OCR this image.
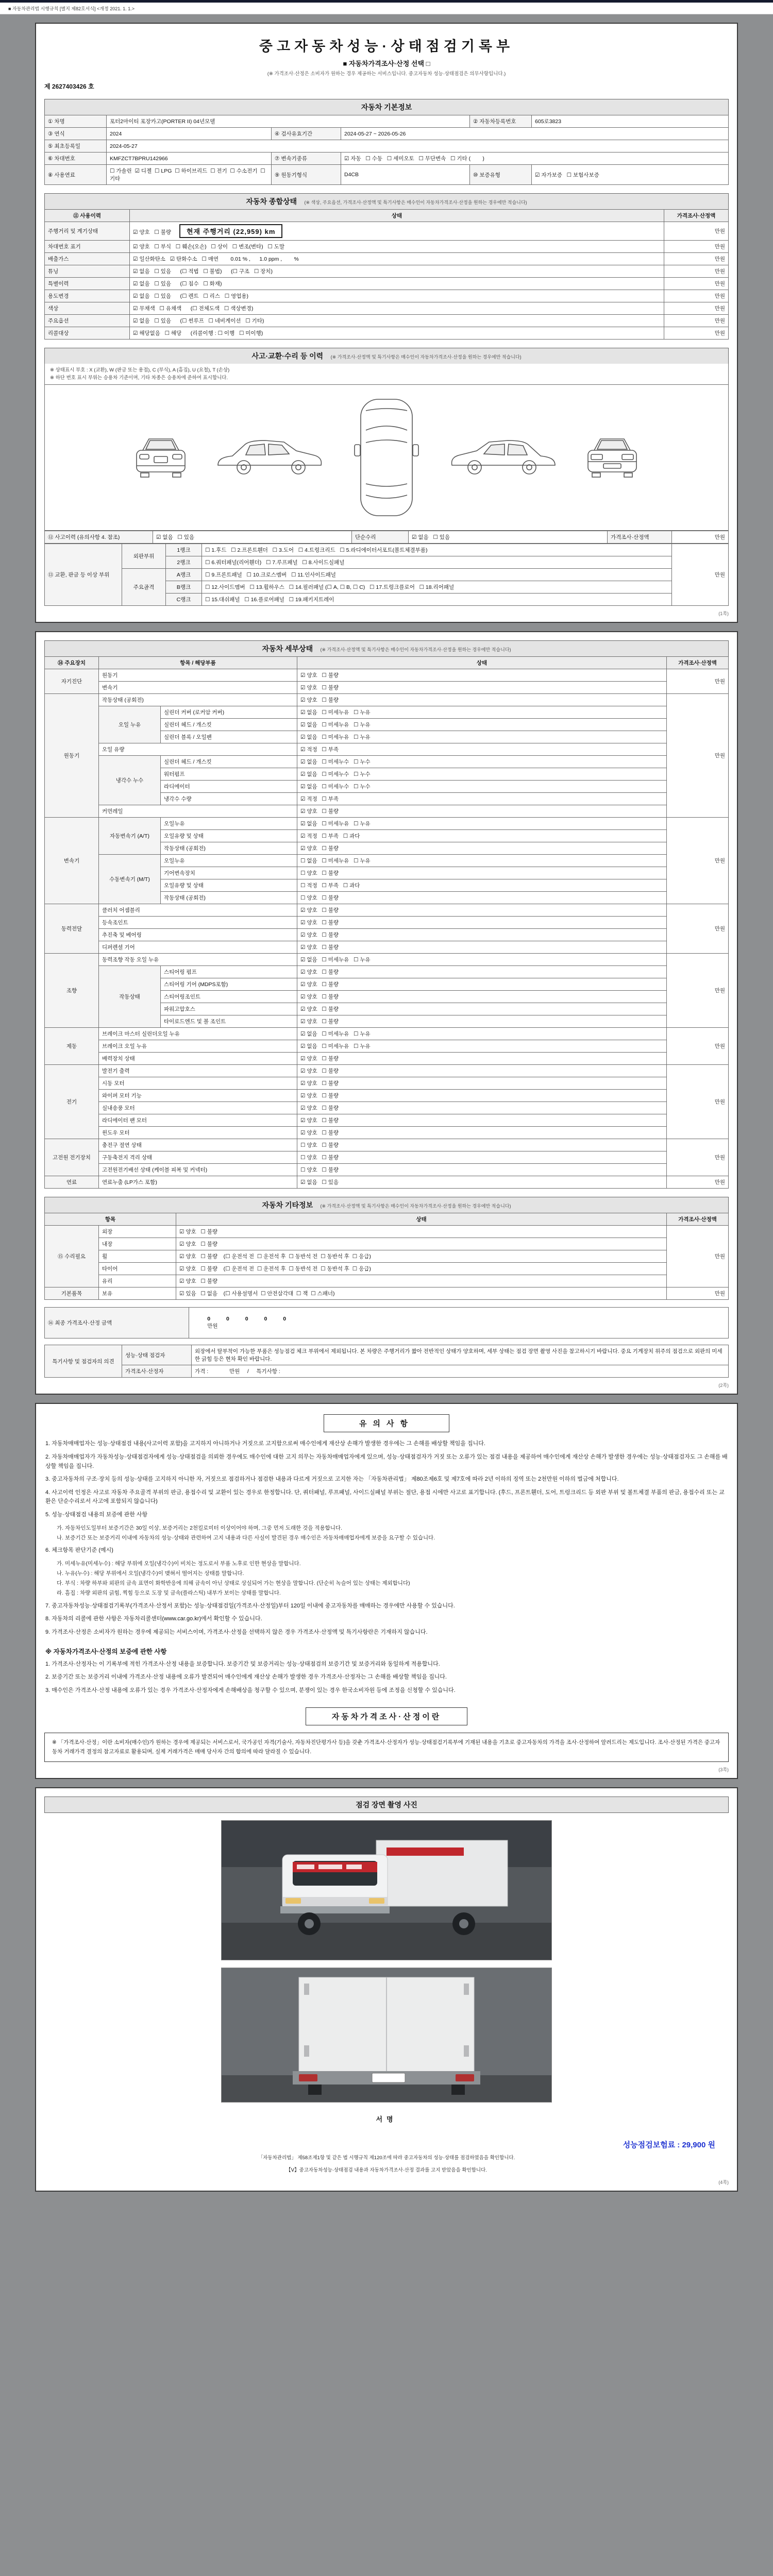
■ 자동차관리법 시행규칙 [별지 제82호서식] <개정 2021. 1. 1.>
중고자동차성능·상태점검기록부
■ 자동차가격조사·산정 선택 □
(※ 가격조사·산정은 소비자가 원하는 경우 제공하는 서비스입니다. 중고자동차 성능·상태점검은 의무사항입니다.)
제 2627403426 호
자동차 기본정보
① 차명	포터2마이티 포장카고(PORTER II) 04년모델			② 자동차등록번호	605로3823
③ 연식	2024	④ 검사유효기간	2024-05-27 ~ 2026-05-26		
⑤ 최초등록일	2024-05-27				
⑥ 차대번호	KMFZCT7BPRU142966	⑦ 변속기종류	☑ 자동   ☐ 수동   ☐ 세미오토   ☐ 무단변속   ☐ 기타 (        )		
⑧ 사용연료	☐ 가솔린  ☑ 디젤  ☐ LPG  ☐ 하이브리드  ☐ 전기  ☐ 수소전기  ☐ 기타	⑨ 원동기형식	D4CB	⑩ 보증유형	☑ 자가보증   ☐ 보험사보증
자동차 종합상태 (※ 색상, 주요옵션, 가격조사·산정액 및 특기사항은 매수인이 자동차가격조사·산정을 원하는 경우에만 적습니다)
⑪ 사용이력	상태	가격조사·산정액
주행거리 및 계기상태	☑ 양호   ☐ 불량 현재 주행거리 (22,959) km	만원
차대번호 표기	☑ 양호   ☐ 부식   ☐ 훼손(오손)   ☐ 상이   ☐ 변조(변타)   ☐ 도말	만원
배출가스	☑ 일산화탄소   ☑ 탄화수소   ☐ 매연        0.01 % ,      1.0 ppm ,        %	만원
튜닝	☑ 없음   ☐ 있음      (☐ 적법   ☐ 불법)      (☐ 구조   ☐ 장치)	만원
특별이력	☑ 없음   ☐ 있음      (☐ 침수   ☐ 화재)	만원
용도변경	☑ 없음   ☐ 있음      (☐ 렌트   ☐ 리스   ☐ 영업용)	만원
색상	☑ 무채색   ☐ 유채색      (☐ 전체도색   ☐ 색상변경)	만원
주요옵션	☑ 없음   ☐ 있음      (☐ 썬루프   ☐ 네비게이션   ☐ 기타)	만원
리콜대상	☑ 해당없음   ☐ 해당      (리콜이행 : ☐ 이행   ☐ 미이행)	만원
사고·교환·수리 등 이력 (※ 가격조사·산정액 및 특기사항은 매수인이 자동차가격조사·산정을 원하는 경우에만 적습니다)
※ 상태표시 부호 : X (교환), W (판금 또는 용접), C (부식), A (흠집), U (요철), T (손상)
※ 하단 번호 표시 부위는 승용차 기준이며, 기타 차종은 승용차에 준하여 표시합니다.
⑫ 사고이력 (유의사항 4. 참조)	☑ 없음   ☐ 있음	단순수리	☑ 없음   ☐ 있음	가격조사·산정액	만원
⑬ 교환, 판금 등 이상 부위	외판부위	1랭크	☐ 1.후드   ☐ 2.프론트휀더   ☐ 3.도어   ☐ 4.트렁크리드   ☐ 5.라디에이터서포트(볼트체결부품)	만원
		2랭크	☐ 6.쿼터패널(리어휀더)   ☐ 7.루프패널   ☐ 8.사이드실패널	
	주요골격	A랭크	☐ 9.프론트패널   ☐ 10.크로스멤버   ☐ 11.인사이드패널	
		B랭크	☐ 12.사이드멤버   ☐ 13.휠하우스   ☐ 14.필러패널 (☐ A, ☐ B, ☐ C)   ☐ 17.트렁크플로어   ☐ 18.리어패널	
		C랭크	☐ 15.대쉬패널   ☐ 16.플로어패널   ☐ 19.패키지트레이	
(1쪽)
자동차 세부상태 (※ 가격조사·산정액 및 특기사항은 매수인이 자동차가격조사·산정을 원하는 경우에만 적습니다)
⑭ 주요장치	항목 / 해당부품		상태	가격조사·산정액
자기진단	원동기		☑ 양호   ☐ 불량	만원
	변속기		☑ 양호   ☐ 불량	
원동기	작동상태 (공회전)		☑ 양호   ☐ 불량	만원
	오일 누유	실린더 커버 (로커암 커버)	☑ 없음   ☐ 미세누유   ☐ 누유	
		실린더 헤드 / 개스킷	☑ 없음   ☐ 미세누유   ☐ 누유	
		실린더 블록 / 오일팬	☑ 없음   ☐ 미세누유   ☐ 누유	
	오일 유량		☑ 적정   ☐ 부족	
	냉각수 누수	실린더 헤드 / 개스킷	☑ 없음   ☐ 미세누수   ☐ 누수	
		워터펌프	☑ 없음   ☐ 미세누수   ☐ 누수	
		라디에이터	☑ 없음   ☐ 미세누수   ☐ 누수	
		냉각수 수량	☑ 적정   ☐ 부족	
	커먼레일		☑ 양호   ☐ 불량	
변속기	자동변속기 (A/T)	오일누유	☑ 없음   ☐ 미세누유   ☐ 누유	만원
		오일유량 및 상태	☑ 적정   ☐ 부족   ☐ 과다	
		작동상태 (공회전)	☑ 양호   ☐ 불량	
	수동변속기 (M/T)	오일누유	☐ 없음   ☐ 미세누유   ☐ 누유	
		기어변속장치	☐ 양호   ☐ 불량	
		오일유량 및 상태	☐ 적정   ☐ 부족   ☐ 과다	
		작동상태 (공회전)	☐ 양호   ☐ 불량	
동력전달	클러치 어셈블리		☑ 양호   ☐ 불량	만원
	등속조인트		☑ 양호   ☐ 불량	
	추진축 및 베어링		☑ 양호   ☐ 불량	
	디퍼렌셜 기어		☑ 양호   ☐ 불량	
조향	동력조향 작동 오일 누유		☑ 없음   ☐ 미세누유   ☐ 누유	만원
	작동상태	스티어링 펌프	☑ 양호   ☐ 불량	
		스티어링 기어 (MDPS포함)	☑ 양호   ☐ 불량	
		스티어링조인트	☑ 양호   ☐ 불량	
		파워고압호스	☑ 양호   ☐ 불량	
		타이로드엔드 및 볼 조인트	☑ 양호   ☐ 불량	
제동	브레이크 마스터 실린더오일 누유		☑ 없음   ☐ 미세누유   ☐ 누유	만원
	브레이크 오일 누유		☑ 없음   ☐ 미세누유   ☐ 누유	
	배력장치 상태		☑ 양호   ☐ 불량	
전기	발전기 출력		☑ 양호   ☐ 불량	만원
	시동 모터		☑ 양호   ☐ 불량	
	와이퍼 모터 기능		☑ 양호   ☐ 불량	
	실내송풍 모터		☑ 양호   ☐ 불량	
	라디에이터 팬 모터		☑ 양호   ☐ 불량	
	윈도우 모터		☑ 양호   ☐ 불량	
고전원 전기장치	충전구 절연 상태		☐ 양호   ☐ 불량	만원
	구동축전지 격리 상태		☐ 양호   ☐ 불량	
	고전원전기배선 상태 (케이블 피복 및 커넥터)		☐ 양호   ☐ 불량	
연료	연료누출 (LP가스 포함)		☑ 없음   ☐ 있음	만원
자동차 기타정보 (※ 가격조사·산정액 및 특기사항은 매수인이 자동차가격조사·산정을 원하는 경우에만 적습니다)
항목		상태	가격조사·산정액
⑮ 수리필요	외장	☑ 양호   ☐ 불량	만원
	내장	☑ 양호   ☐ 불량	
	휠	☑ 양호   ☐ 불량    (☐ 운전석 전  ☐ 운전석 후  ☐ 동반석 전  ☐ 동반석 후  ☐ 응급)	
	타이어	☑ 양호   ☐ 불량    (☐ 운전석 전  ☐ 운전석 후  ☐ 동반석 전  ☐ 동반석 후  ☐ 응급)	
	유리	☑ 양호   ☐ 불량	
기본품목	보유	☑ 있음   ☐ 없음    (☐ 사용설명서  ☐ 안전삼각대  ☐ 잭  ☐ 스패너)	만원
⑯ 최종 가격조사·산정 금액	
0 0 0 0 0
만원

특기사항 및 점검자의 의견	성능·상태 점검자	외장에서 탈부착이 가능한 부품은 성능점검 체크 부위에서 제외됩니다. 본 차량은 주행거리가 짧아 전반적인 상태가 양호하며, 세부 상태는 점검 장면 촬영 사진을 참고하시기 바랍니다. 중요 기계장치 위주의 점검으로 외판의 미세한 긁힘 등은 현차 확인 바랍니다.
	가격조사·산정자	가격 :              만원     /     특기사항 :
(2쪽)
유의사항
1. 자동차매매업자는 성능·상태점검 내용(사고이력 포함)을 고지하지 아니하거나 거짓으로 고지함으로써 매수인에게 재산상 손해가 발생한 경우에는 그 손해를 배상할 책임을 집니다.
2. 자동차매매업자가 자동차성능·상태점검자에게 성능·상태점검을 의뢰한 경우에도 매수인에 대한 고지 의무는 자동차매매업자에게 있으며, 성능·상태점검자가 거짓 또는 오류가 있는 점검 내용을 제공하여 매수인에게 재산상 손해가 발생한 경우에는 성능·상태점검자도 그 손해를 배상할 책임을 집니다.
3. 중고자동차의 구조·장치 등의 성능·상태를 고지하지 아니한 자, 거짓으로 점검하거나 점검한 내용과 다르게 거짓으로 고지한 자는 「자동차관리법」 제80조제6호 및 제7호에 따라 2년 이하의 징역 또는 2천만원 이하의 벌금에 처합니다.
4. 사고이력 인정은 사고로 자동차 주요골격 부위의 판금, 용접수리 및 교환이 있는 경우로 한정합니다. 단, 쿼터패널, 루프패널, 사이드실패널 부위는 절단, 용접 시에만 사고로 표기합니다. (후드, 프론트휀더, 도어, 트렁크리드 등 외판 부위 및 볼트체결 부품의 판금, 용접수리 또는 교환은 단순수리로서 사고에 포함되지 않습니다)
5. 성능·상태점검 내용의 보증에 관한 사항
가. 자동차인도일부터 보증기간은 30일 이상, 보증거리는 2천킬로미터 이상이어야 하며, 그중 먼저 도래한 것을 적용합니다.
나. 보증기간 또는 보증거리 이내에 자동차의 성능·상태와 관련하여 고지 내용과 다른 사실이 발견된 경우 매수인은 자동차매매업자에게 보증을 요구할 수 있습니다.
6. 체크항목 판단기준 (예시)
가. 미세누유(미세누수) : 해당 부위에 오일(냉각수)이 비치는 정도로서 부품 노후로 인한 현상을 말합니다.
나. 누유(누수) : 해당 부위에서 오일(냉각수)이 맺혀서 떨어지는 상태를 말합니다.
다. 부식 : 차량 하부와 외판의 금속 표면이 화학반응에 의해 금속이 아닌 상태로 상실되어 가는 현상을 말합니다. (단순히 녹슬어 있는 상태는 제외합니다)
라. 흠집 : 차량 외판의 긁힘, 찍힘 등으로 도장 및 금속(플라스틱) 내부가 보이는 상태를 말합니다.
7. 중고자동차성능·상태점검기록부(가격조사·산정서 포함)는 성능·상태점검일(가격조사·산정일)부터 120일 이내에 중고자동차를 매매하는 경우에만 사용할 수 있습니다.
8. 자동차의 리콜에 관한 사항은 자동차리콜센터(www.car.go.kr)에서 확인할 수 있습니다.
9. 가격조사·산정은 소비자가 원하는 경우에 제공되는 서비스이며, 가격조사·산정을 선택하지 않은 경우 가격조사·산정액 및 특기사항란은 기재하지 않습니다.
※ 자동차가격조사·산정의 보증에 관한 사항
1. 가격조사·산정자는 이 기록부에 적힌 가격조사·산정 내용을 보증합니다. 보증기간 및 보증거리는 성능·상태점검의 보증기간 및 보증거리와 동일하게 적용합니다.
2. 보증기간 또는 보증거리 이내에 가격조사·산정 내용에 오류가 발견되어 매수인에게 재산상 손해가 발생한 경우 가격조사·산정자는 그 손해를 배상할 책임을 집니다.
3. 매수인은 가격조사·산정 내용에 오류가 있는 경우 가격조사·산정자에게 손해배상을 청구할 수 있으며, 분쟁이 있는 경우 한국소비자원 등에 조정을 신청할 수 있습니다.
자동차가격조사·산정이란
※ 「가격조사·산정」이란 소비자(매수인)가 원하는 경우에 제공되는 서비스로서, 국가공인 자격(기술사, 자동차진단평가사 등)을 갖춘 가격조사·산정자가 성능·상태점검기록부에 기재된 내용을 기초로 중고자동차의 가격을 조사·산정하여 알려드리는 제도입니다. 조사·산정된 가격은 중고자동차 거래가격 결정의 참고자료로 활용되며, 실제 거래가격은 매매 당사자 간의 합의에 따라 달라질 수 있습니다.
(3쪽)
점검 장면 촬영 사진
서명
성능점검보험료 : 29,900 원
「자동차관리법」 제58조제1항 및 같은 법 시행규칙 제120조에 따라 중고자동차의 성능·상태를 점검하였음을 확인합니다.
【Ⅴ】중고자동차성능·상태점검 내용과 자동차가격조사·산정 결과를 고지 받았음을 확인합니다.
(4쪽)
